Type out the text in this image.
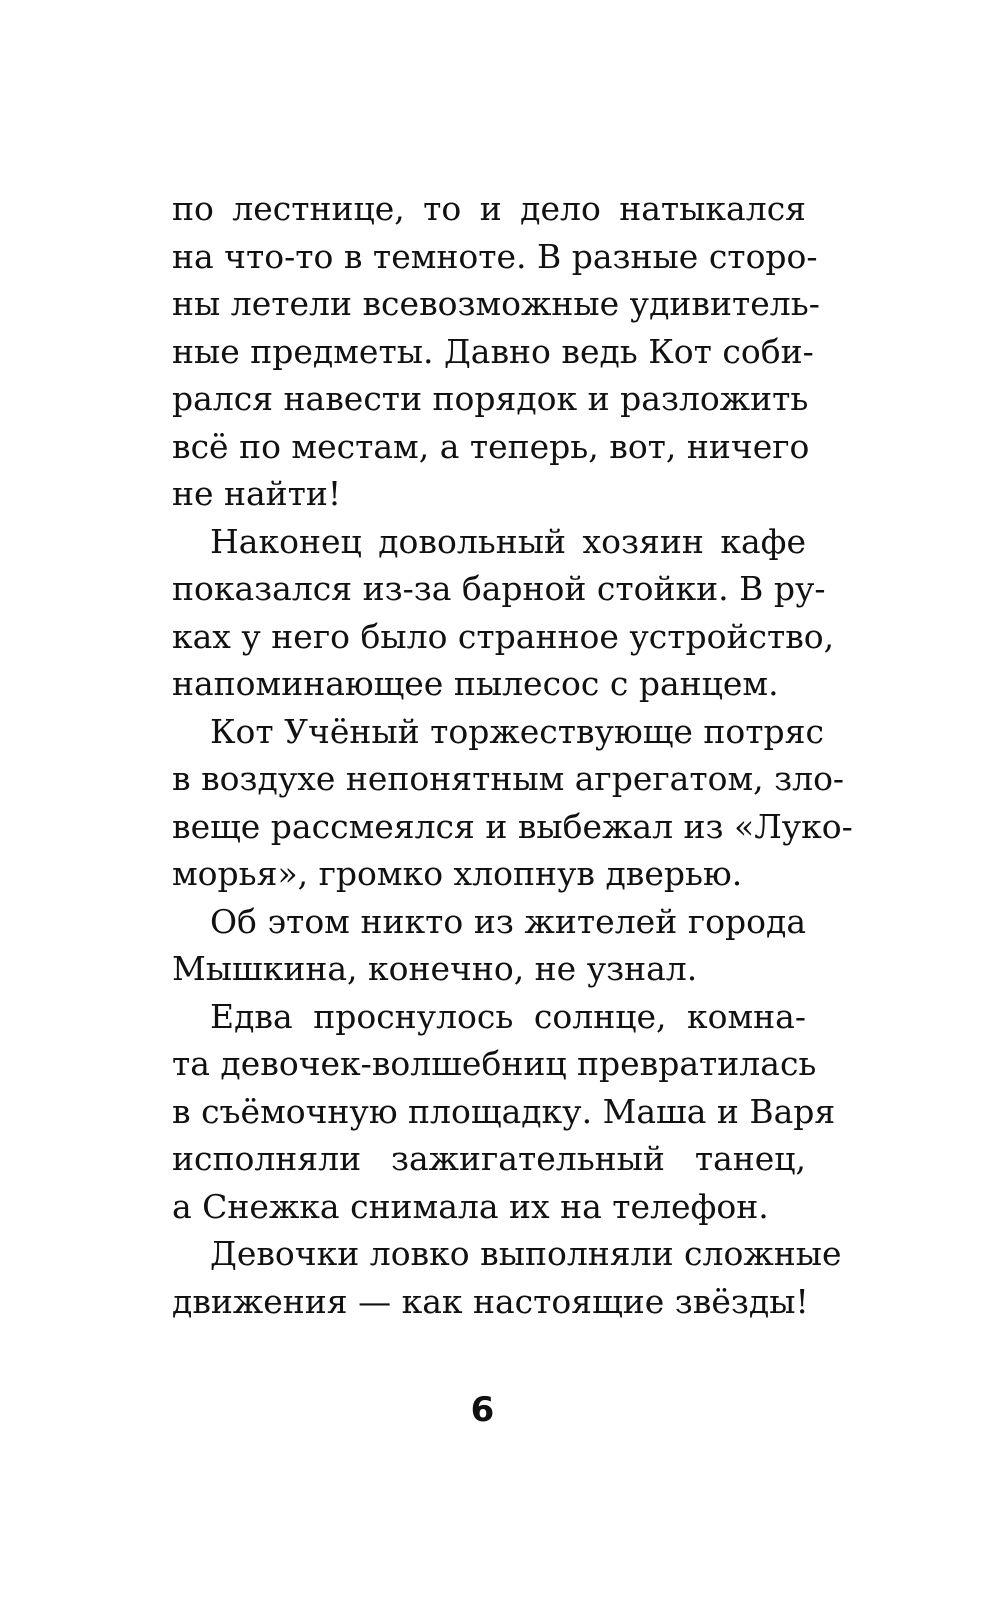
по лестнице, то и дело натыкался
на что-то в темноте. В разные сторо-
ны летели всевозможные удивитель-
ные предметы. Давно ведь Кот соби-
рался навести порядок и разложить
всё по местам, а теперь, вот, ничего
не найти!
Наконец довольный хозяин кафе
показался из-за барной стойки. В ру-
ках у него было странное устройство,
напоминающее пылесос с ранцем.
Кот Учёный торжествующе потряс
в воздухе непонятным агрегатом, зло-
веще рассмеялся и выбежал из «Луко-
морья», громко хлопнув дверью.
Об этом никто из жителей города
Мышкина, конечно, не узнал.
Едва проснулось солнце, комна-
та девочек-волшебниц превратилась
в съёмочную площадку. Маша и Варя
исполняли зажигательный танец,
а Снежка снимала их на телефон.
Девочки ловко выполняли сложные
движения — как настоящие звёзды!
6
